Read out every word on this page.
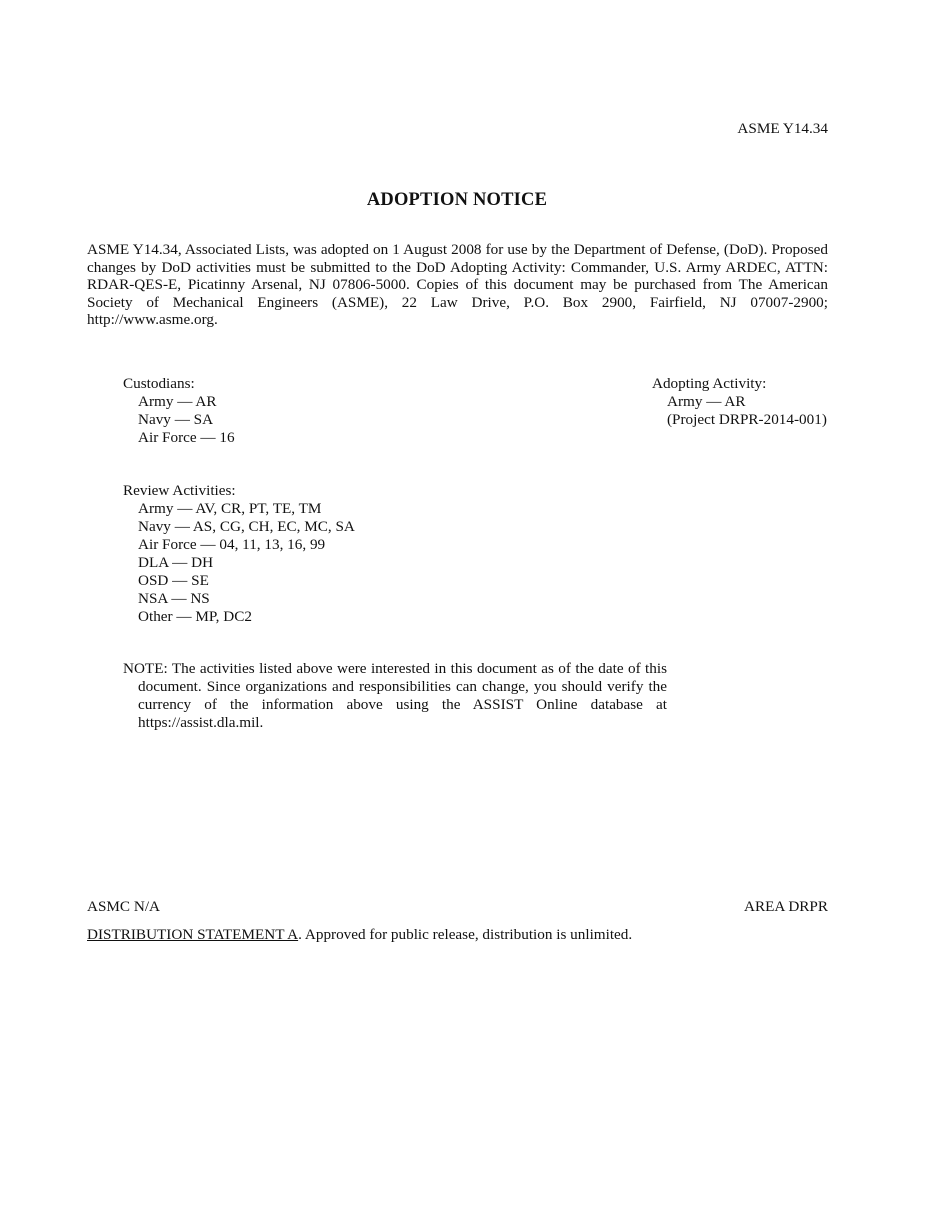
ASME Y14.34
ADOPTION NOTICE
ASME Y14.34, Associated Lists, was adopted on 1 August 2008 for use by the Department of Defense, (DoD). Proposed changes by DoD activities must be submitted to the DoD Adopting Activity: Commander, U.S. Army ARDEC, ATTN: RDAR-QES-E, Picatinny Arsenal, NJ 07806-5000. Copies of this document may be purchased from The American Society of Mechanical Engineers (ASME), 22 Law Drive, P.O. Box 2900, Fairfield, NJ 07007-2900; http://www.asme.org.
Custodians:
Army — AR
Navy — SA
Air Force — 16
Adopting Activity:
Army — AR
(Project DRPR-2014-001)
Review Activities:
Army — AV, CR, PT, TE, TM
Navy — AS, CG, CH, EC, MC, SA
Air Force — 04, 11, 13, 16, 99
DLA — DH
OSD — SE
NSA — NS
Other — MP, DC2
NOTE: The activities listed above were interested in this document as of the date of this document. Since organizations and responsibilities can change, you should verify the currency of the information above using the ASSIST Online database at https://assist.dla.mil.
ASMC N/A	AREA DRPR
DISTRIBUTION STATEMENT A. Approved for public release, distribution is unlimited.
